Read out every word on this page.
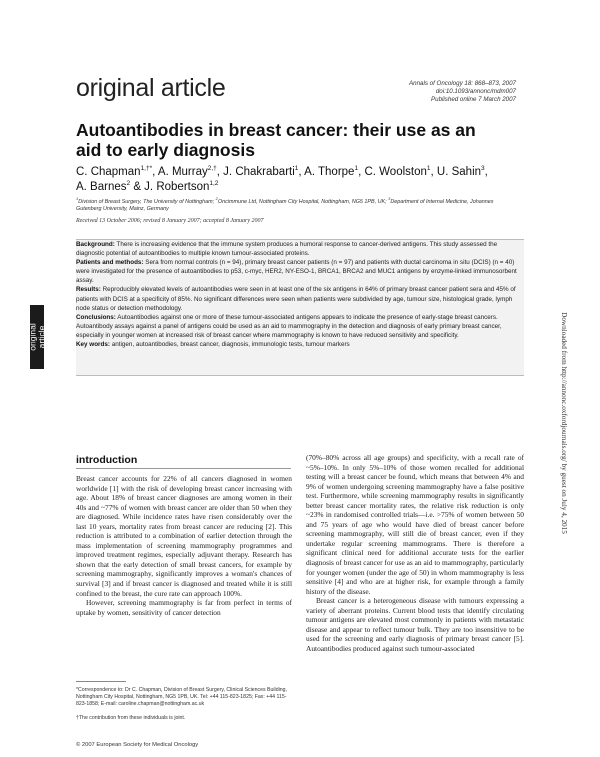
original article	Annals of Oncology 18: 868–873, 2007
doi:10.1093/annonc/mdm007
Published online 7 March 2007
Autoantibodies in breast cancer: their use as an aid to early diagnosis
C. Chapman$^{1,\dagger*}$, A. Murray$^{2,\dagger}$, J. Chakrabarti$^1$, A. Thorpe$^1$, C. Woolston$^1$, U. Sahin$^3$, A. Barnes$^2$ & J. Robertson$^{1,2}$
$^1$Division of Breast Surgery, The University of Nottingham; $^2$Oncimmune Ltd, Nottingham City Hospital, Nottingham, NG5 1PB, UK; $^3$Department of Internal Medicine, Johannes Gutenberg University, Mainz, Germany
Received 13 October 2006; revised 8 January 2007; accepted 8 January 2007

Background: There is increasing evidence that the immune system produces a humoral response to cancer-derived antigens. This study assessed the diagnostic potential of autoantibodies to multiple known tumour-associated proteins.

Patients and methods: Sera from normal controls (n = 94), primary breast cancer patients (n = 97) and patients with ductal carcinoma in situ (DCIS) (n = 40) were investigated for the presence of autoantibodies to p53, c-myc, HER2, NY-ESO-1, BRCA1, BRCA2 and MUC1 antigens by enzyme-linked immunosorbent assay.

Results: Reproducibly elevated levels of autoantibodies were seen in at least one of the six antigens in 64% of primary breast cancer patient sera and 45% of patients with DCIS at a specificity of 85%. No significant differences were seen when patients were subdivided by age, tumour size, histological grade, lymph node status or detection methodology.

Conclusions: Autoantibodies against one or more of these tumour-associated antigens appears to indicate the presence of early-stage breast cancers. Autoantibody assays against a panel of antigens could be used as an aid to mammography in the detection and diagnosis of early primary breast cancer, especially in younger women at increased risk of breast cancer where mammography is known to have reduced sensitivity and specificity.

Key words: antigen, autoantibodies, breast cancer, diagnosis, immunologic tests, tumour markers

original
article	Downloaded from http://annonc.oxfordjournals.org/ by guest on July 4, 2015
introduction

Breast cancer accounts for 22% of all cancers diagnosed in women worldwide [1] with the risk of developing breast cancer increasing with age. About 18% of breast cancer diagnoses are among women in their 40s and ~77% of women with breast cancer are older than 50 when they are diagnosed. While incidence rates have risen considerably over the last 10 years, mortality rates from breast cancer are reducing [2]. This reduction is attributed to a combination of earlier detection through the mass implementation of screening mammography programmes and improved treatment regimes, especially adjuvant therapy. Research has shown that the early detection of small breast cancers, for example by screening mammography, significantly improves a woman's chances of survival [3] and if breast cancer is diagnosed and treated while it is still confined to the breast, the cure rate can approach 100%.

However, screening mammography is far from perfect in terms of uptake by women, sensitivity of cancer detection

(70%–80% across all age groups) and specificity, with a recall rate of ~5%–10%. In only 5%–10% of those women recalled for additional testing will a breast cancer be found, which means that between 4% and 9% of women undergoing screening mammography have a false positive test. Furthermore, while screening mammography results in significantly better breast cancer mortality rates, the relative risk reduction is only ~23% in randomised controlled trials—i.e. >75% of women between 50 and 75 years of age who would have died of breast cancer before screening mammography, will still die of breast cancer, even if they undertake regular screening mammograms. There is therefore a significant clinical need for additional accurate tests for the earlier diagnosis of breast cancer for use as an aid to mammography, particularly for younger women (under the age of 50) in whom mammography is less sensitive [4] and who are at higher risk, for example through a family history of the disease.

Breast cancer is a heterogeneous disease with tumours expressing a variety of aberrant proteins. Current blood tests that identify circulating tumour antigens are elevated most commonly in patients with metastatic disease and appear to reflect tumour bulk. They are too insensitive to be used for the screening and early diagnosis of primary breast cancer [5]. Autoantibodies produced against such tumour-associated

*Correspondence to: Dr C. Chapman, Division of Breast Surgery, Clinical Sciences Building, Nottingham City Hospital, Nottingham, NG5 1PB, UK. Tel: +44 115-823-1825; Fax: +44 115-823-1858; E-mail: caroline.chapman@nottingham.ac.uk
†The contribution from these individuals is joint.
© 2007 European Society for Medical Oncology
